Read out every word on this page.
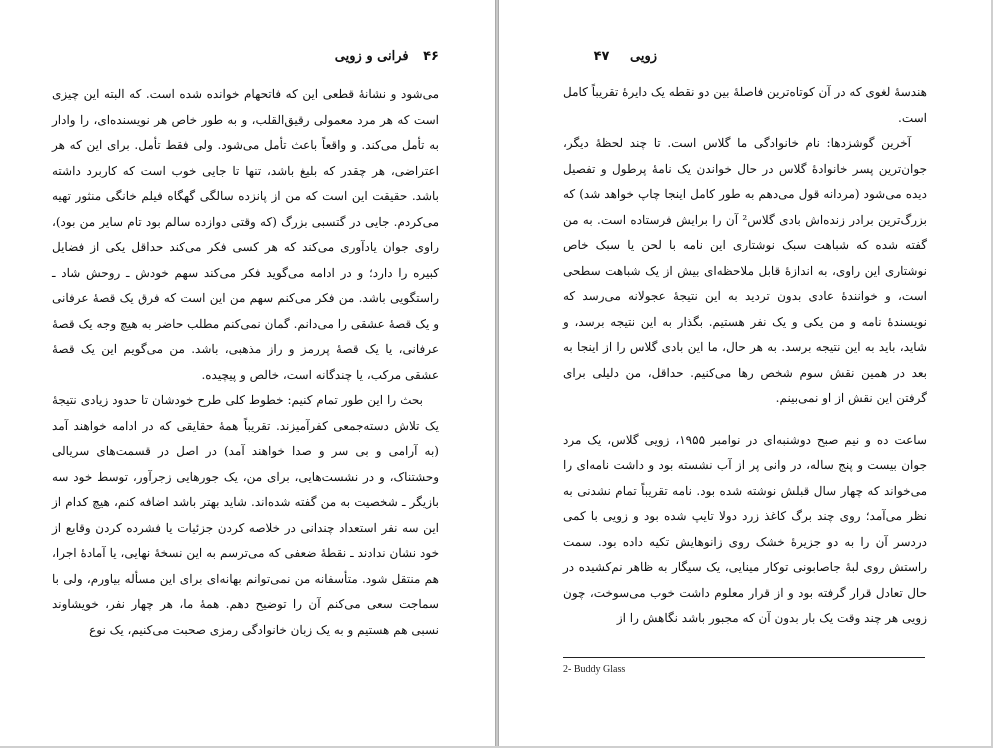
۴۶ فرانی و زویی

می‌شود و نشانهٔ قطعی این که فاتحهام خوانده شده است. که البته این چیزی است که هر مرد معمولی رقیق‌القلب، و به طور خاص هر نویسنده‌ای، را وادار به تأمل می‌کند. و واقعاً باعث تأمل می‌شود. ولی فقط تأمل. برای این که هر اعتراضی، هر چقدر که بلیغ باشد، تنها تا جایی خوب است که کاربرد داشته باشد. حقیقت این است که من از پانزده سالگی گهگاه فیلم خانگی منثور تهیه می‌کردم. جایی در گتسبی بزرگ (که وقتی دوازده سالم بود تام سایر من بود)، راوی جوان یادآوری می‌کند که هر کسی فکر می‌کند حداقل یکی از فضایل کبیره را دارد؛ و در ادامه می‌گوید فکر می‌کند سهم خودش ـ روحش شاد ـ راستگویی باشد. من فکر می‌کنم سهم من این است که فرق یک قصهٔ عرفانی و یک قصهٔ عشقی را می‌دانم. گمان نمی‌کنم مطلب حاضر به هیچ وجه یک قصهٔ عرفانی، یا یک قصهٔ پررمز و راز مذهبی، باشد. من می‌گویم این یک قصهٔ عشقی مرکب، یا چندگانه است، خالص و پیچیده.

بحث را این طور تمام کنیم: خطوط کلی طرح خودشان تا حدود زیادی نتیجهٔ یک تلاش دسته‌جمعی کفرآمیزند. تقریباً همهٔ حقایقی که در ادامه خواهند آمد (به آرامی و بی سر و صدا خواهند آمد) در اصل در قسمت‌های سریالی وحشتناک، و در نشست‌هایی، برای من، یک جورهایی زجرآور، توسط خود سه بازیگر ـ شخصیت به من گفته شده‌اند. شاید بهتر باشد اضافه کنم، هیچ کدام از این سه نفر استعداد چندانی در خلاصه کردن جزئیات یا فشرده کردن وقایع از خود نشان ندادند ـ نقطهٔ ضعفی که می‌ترسم به این نسخهٔ نهایی، یا آمادهٔ اجرا، هم منتقل شود. متأسفانه من نمی‌توانم بهانه‌ای برای این مسأله بیاورم، ولی با سماجت سعی می‌کنم آن را توضیح دهم. همهٔ ما، هر چهار نفر، خویشاوند نسبی هم هستیم و به یک زبان خانوادگی رمزی صحبت می‌کنیم، یک نوع

زویی ۴۷

هندسهٔ لغوی که در آن کوتاه‌ترین فاصلهٔ بین دو نقطه یک دایرهٔ تقریباً کامل است.

آخرین گوشزدها: نام خانوادگی ما گلاس است. تا چند لحظهٔ دیگر، جوان‌ترین پسر خانوادهٔ گلاس در حال خواندن یک نامهٔ پرطول و تفصیل دیده می‌شود (مردانه قول می‌دهم به طور کامل اینجا چاپ خواهد شد) که بزرگ‌ترین برادر زنده‌اش بادی گلاس² آن را برایش فرستاده است. به من گفته شده که شباهت سبک نوشتاری این نامه با لحن یا سبک خاص نوشتاری این راوی، به اندازهٔ قابل ملاحظه‌ای بیش از یک شباهت سطحی است، و خوانندهٔ عادی بدون تردید به این نتیجهٔ عجولانه می‌رسد که نویسندهٔ نامه و من یکی و یک نفر هستیم. بگذار به این نتیجه برسد، و شاید، باید به این نتیجه برسد. به هر حال، ما این بادی گلاس را از اینجا به بعد در همین نقش سوم شخص رها می‌کنیم. حداقل، من دلیلی برای گرفتن این نقش از او نمی‌بینم.

ساعت ده و نیم صبح دوشنبه‌ای در نوامبر ۱۹۵۵، زویی گلاس، یک مرد جوان بیست و پنج ساله، در وانی پر از آب نشسته بود و داشت نامه‌ای را می‌خواند که چهار سال قبلش نوشته شده بود. نامه تقریباً تمام نشدنی به نظر می‌آمد؛ روی چند برگ کاغذ زرد دولا تایپ شده بود و زویی با کمی دردسر آن را به دو جزیرهٔ خشک روی زانوهایش تکیه داده بود. سمت راستش روی لبهٔ جاصابونی توکار مینایی، یک سیگار به ظاهر نم‌کشیده در حال تعادل قرار گرفته بود و از قرار معلوم داشت خوب می‌سوخت، چون زویی هر چند وقت یک بار بدون آن که مجبور باشد نگاهش را از

2- Buddy Glass
